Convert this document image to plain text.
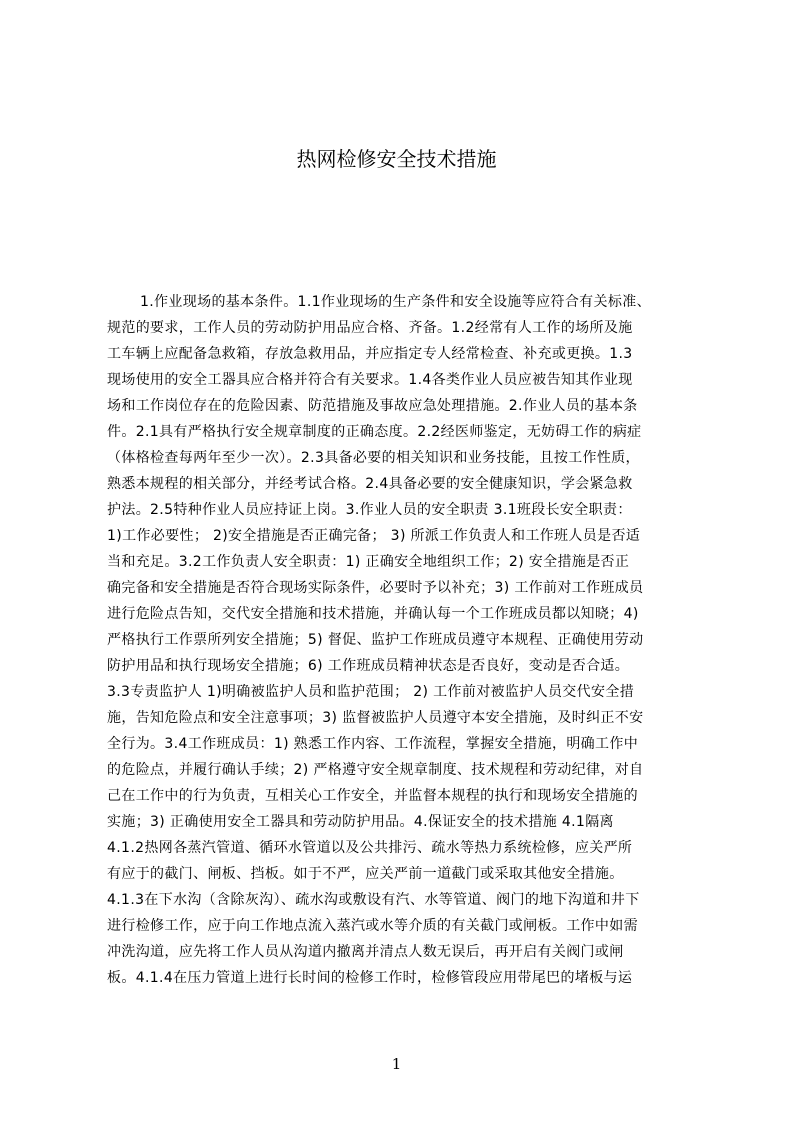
热网检修安全技术措施
1.作业现场的基本条件。1.1作业现场的生产条件和安全设施等应符合有关标准、
规范的要求，工作人员的劳动防护用品应合格、齐备。1.2经常有人工作的场所及施
工车辆上应配备急救箱，存放急救用品，并应指定专人经常检查、补充或更换。1.3
现场使用的安全工器具应合格并符合有关要求。1.4各类作业人员应被告知其作业现
场和工作岗位存在的危险因素、防范措施及事故应急处理措施。2.作业人员的基本条
件。2.1具有严格执行安全规章制度的正确态度。2.2经医师鉴定，无妨碍工作的病症
（体格检查每两年至少一次）。2.3具备必要的相关知识和业务技能，且按工作性质，
熟悉本规程的相关部分，并经考试合格。2.4具备必要的安全健康知识，学会紧急救
护法。2.5特种作业人员应持证上岗。3.作业人员的安全职责 3.1班段长安全职责：
1)工作必要性； 2)安全措施是否正确完备； 3) 所派工作负责人和工作班人员是否适
当和充足。3.2工作负责人安全职责：1) 正确安全地组织工作；2) 安全措施是否正
确完备和安全措施是否符合现场实际条件，必要时予以补充；3) 工作前对工作班成员
进行危险点告知，交代安全措施和技术措施，并确认每一个工作班成员都以知晓；4)
严格执行工作票所列安全措施；5) 督促、监护工作班成员遵守本规程、正确使用劳动
防护用品和执行现场安全措施；6) 工作班成员精神状态是否良好，变动是否合适。
3.3专责监护人 1)明确被监护人员和监护范围； 2) 工作前对被监护人员交代安全措
施，告知危险点和安全注意事项；3) 监督被监护人员遵守本安全措施，及时纠正不安
全行为。3.4工作班成员：1) 熟悉工作内容、工作流程，掌握安全措施，明确工作中
的危险点，并履行确认手续；2) 严格遵守安全规章制度、技术规程和劳动纪律，对自
己在工作中的行为负责，互相关心工作安全，并监督本规程的执行和现场安全措施的
实施；3) 正确使用安全工器具和劳动防护用品。4.保证安全的技术措施 4.1隔离
4.1.2热网各蒸汽管道、循环水管道以及公共排污、疏水等热力系统检修，应关严所
有应于的截门、闸板、挡板。如于不严，应关严前一道截门或采取其他安全措施。
4.1.3在下水沟（含除灰沟）、疏水沟或敷设有汽、水等管道、阀门的地下沟道和井下
进行检修工作，应于向工作地点流入蒸汽或水等介质的有关截门或闸板。工作中如需
冲洗沟道，应先将工作人员从沟道内撤离并清点人数无误后，再开启有关阀门或闸
板。4.1.4在压力管道上进行长时间的检修工作时，检修管段应用带尾巴的堵板与运
1
